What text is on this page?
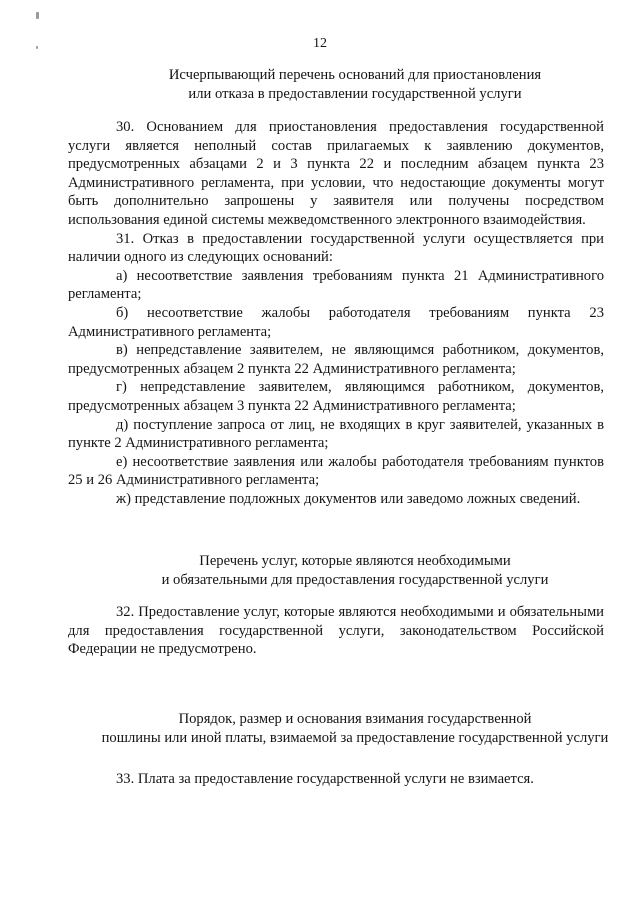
12
Исчерпывающий перечень оснований для приостановления
или отказа в предоставлении государственной услуги
30. Основанием для приостановления предоставления государственной услуги является неполный состав прилагаемых к заявлению документов, предусмотренных абзацами 2 и 3 пункта 22 и последним абзацем пункта 23 Административного регламента, при условии, что недостающие документы могут быть дополнительно запрошены у заявителя или получены посредством использования единой системы межведомственного электронного взаимодействия.
31. Отказ в предоставлении государственной услуги осуществляется при наличии одного из следующих оснований:
а) несоответствие заявления требованиям пункта 21 Административного регламента;
б) несоответствие жалобы работодателя требованиям пункта 23 Административного регламента;
в) непредставление заявителем, не являющимся работником, документов, предусмотренных абзацем 2 пункта 22 Административного регламента;
г) непредставление заявителем, являющимся работником, документов, предусмотренных абзацем 3 пункта 22 Административного регламента;
д) поступление запроса от лиц, не входящих в круг заявителей, указанных в пункте 2 Административного регламента;
е) несоответствие заявления или жалобы работодателя требованиям пунктов 25 и 26 Административного регламента;
ж) представление подложных документов или заведомо ложных сведений.
Перечень услуг, которые являются необходимыми
и обязательными для предоставления государственной услуги
32. Предоставление услуг, которые являются необходимыми и обязательными для предоставления государственной услуги, законодательством Российской Федерации не предусмотрено.
Порядок, размер и основания взимания государственной
пошлины или иной платы, взимаемой за предоставление государственной услуги
33. Плата за предоставление государственной услуги не взимается.
